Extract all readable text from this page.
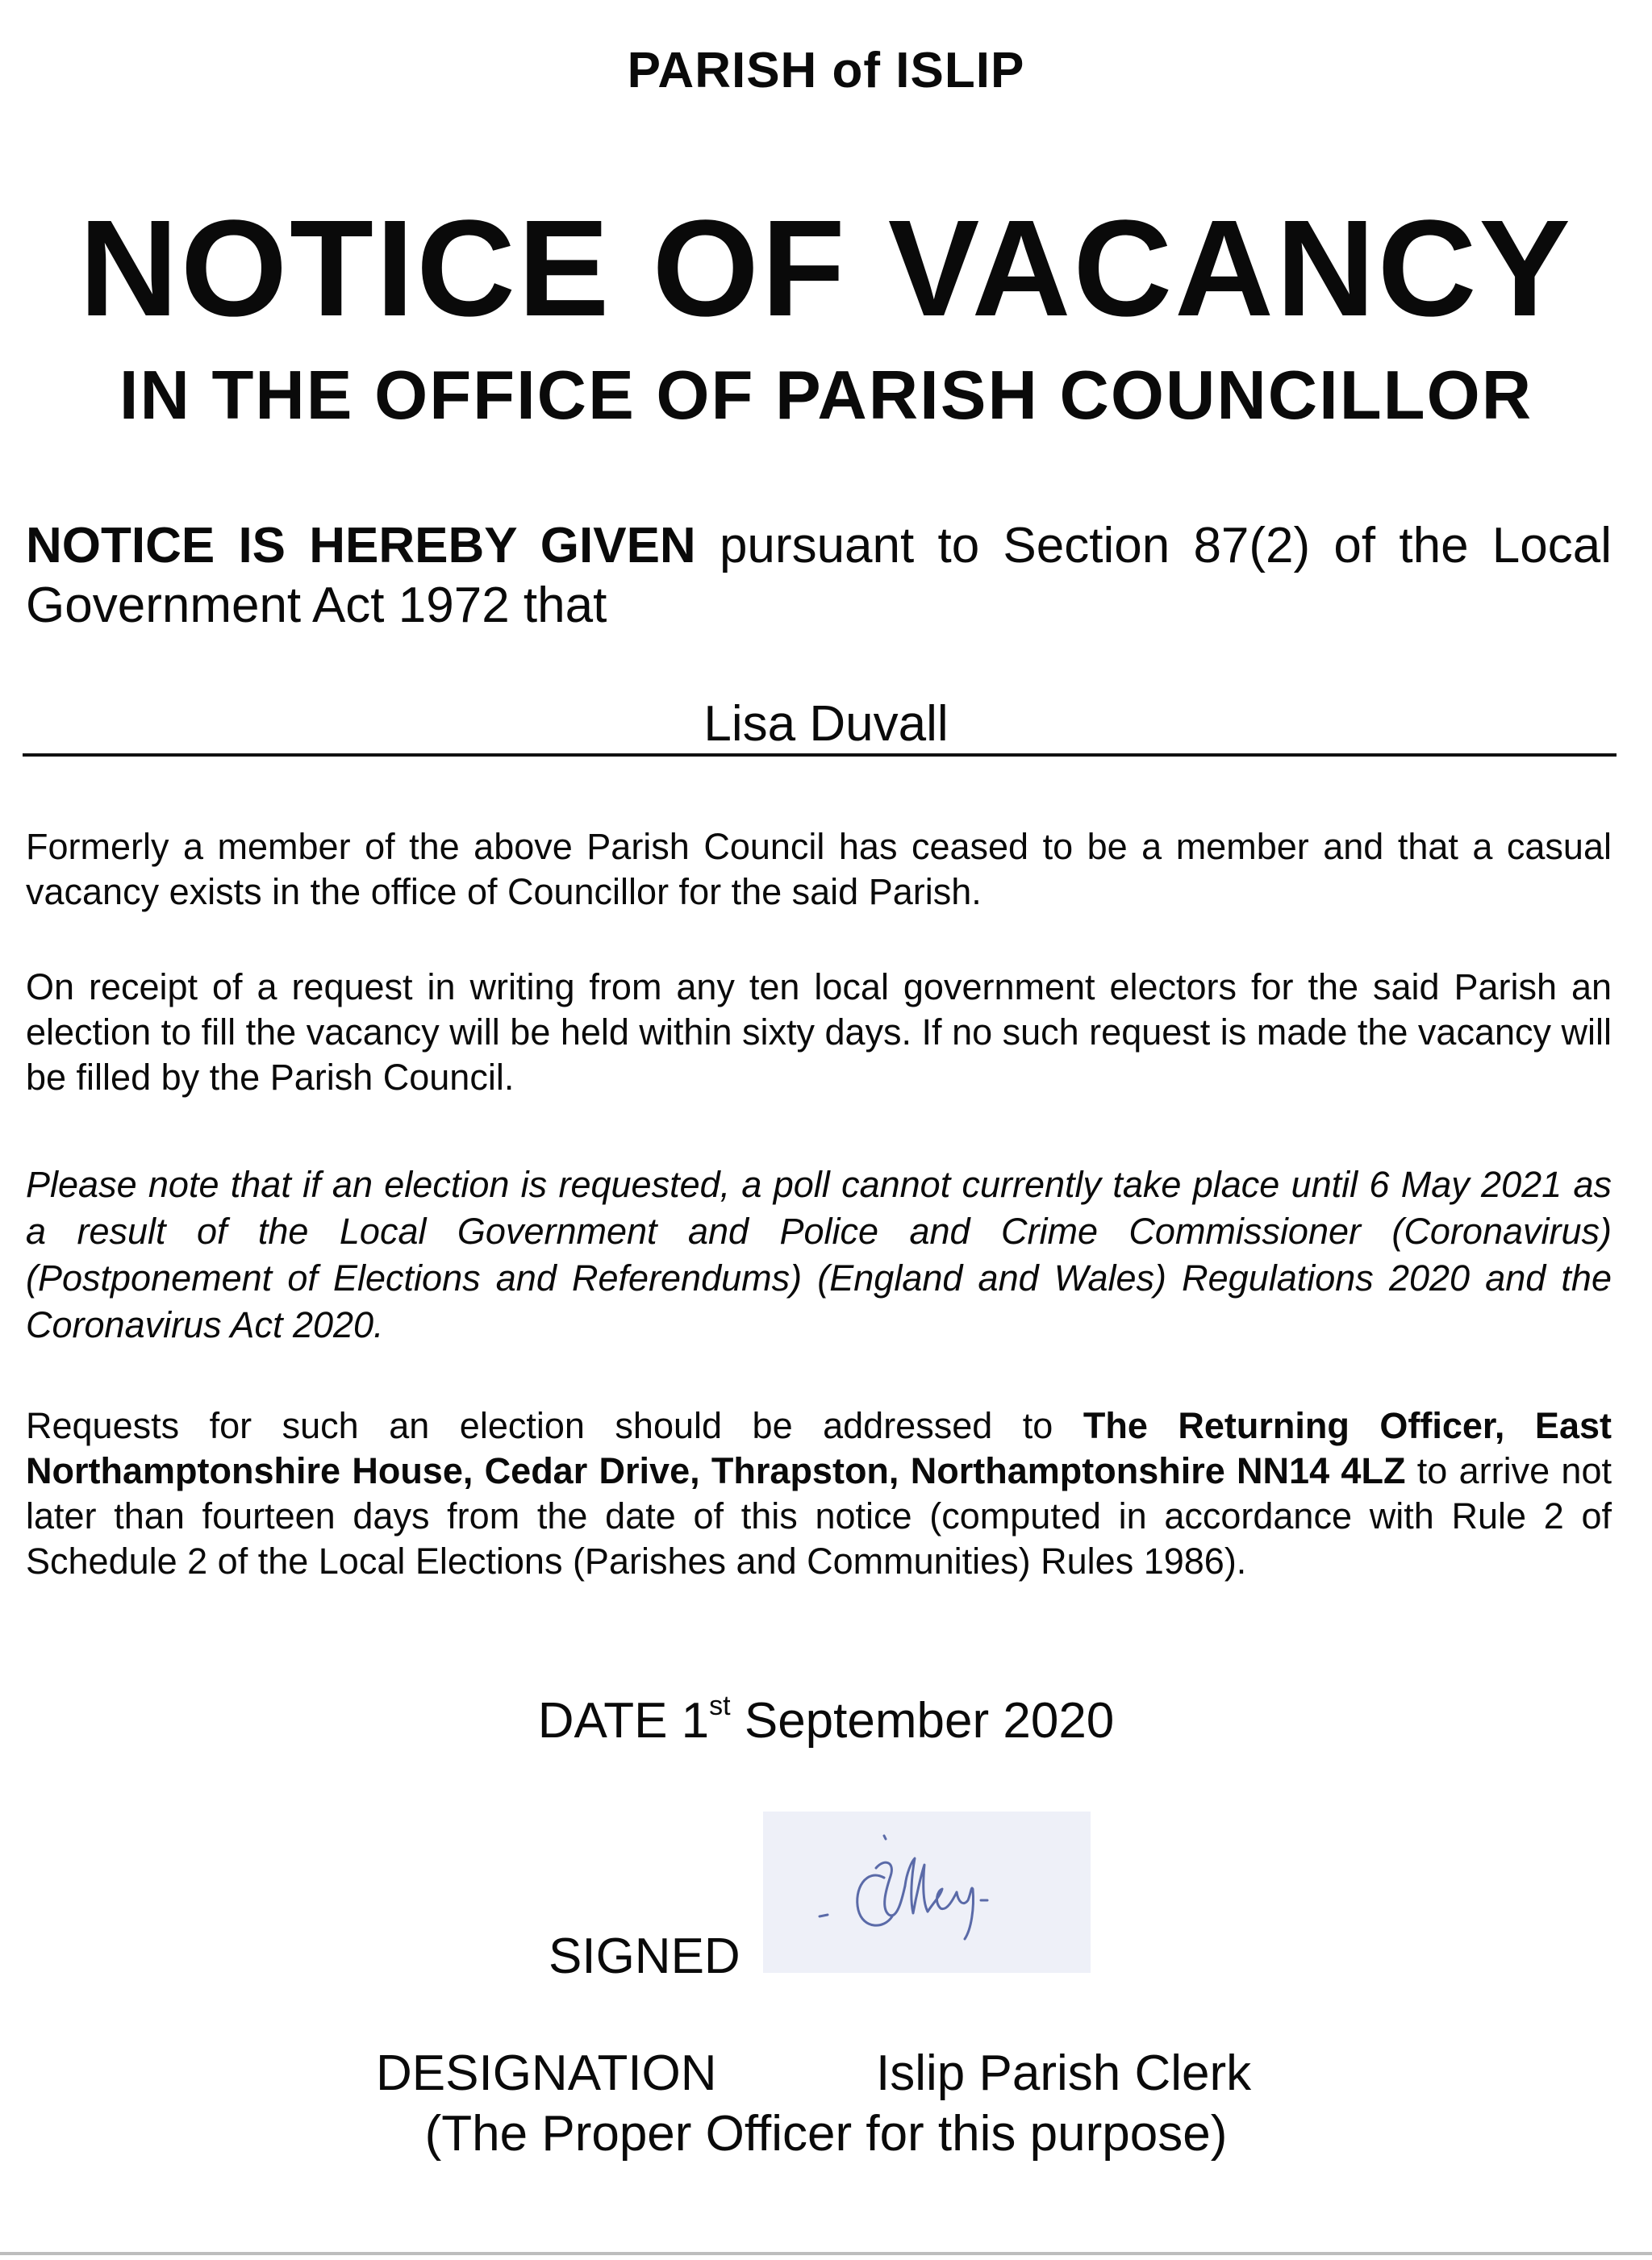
PARISH of ISLIP
NOTICE OF VACANCY
IN THE OFFICE OF PARISH COUNCILLOR
NOTICE IS HEREBY GIVEN pursuant to Section 87(2) of the Local Government Act 1972 that
Lisa Duvall
Formerly a member of the above Parish Council has ceased to be a member and that a casual vacancy exists in the office of Councillor for the said Parish.
On receipt of a request in writing from any ten local government electors for the said Parish an election to fill the vacancy will be held within sixty days. If no such request is made the vacancy will be filled by the Parish Council.
Please note that if an election is requested, a poll cannot currently take place until 6 May 2021 as a result of the Local Government and Police and Crime Commissioner (Coronavirus) (Postponement of Elections and Referendums) (England and Wales) Regulations 2020 and the Coronavirus Act 2020.
Requests for such an election should be addressed to The Returning Officer, East Northamptonshire House, Cedar Drive, Thrapston, Northamptonshire NN14 4LZ to arrive not later than fourteen days from the date of this notice (computed in accordance with Rule 2 of Schedule 2 of the Local Elections (Parishes and Communities) Rules 1986).
DATE 1st September 2020
SIGNED
DESIGNATION	Islip Parish Clerk
(The Proper Officer for this purpose)
